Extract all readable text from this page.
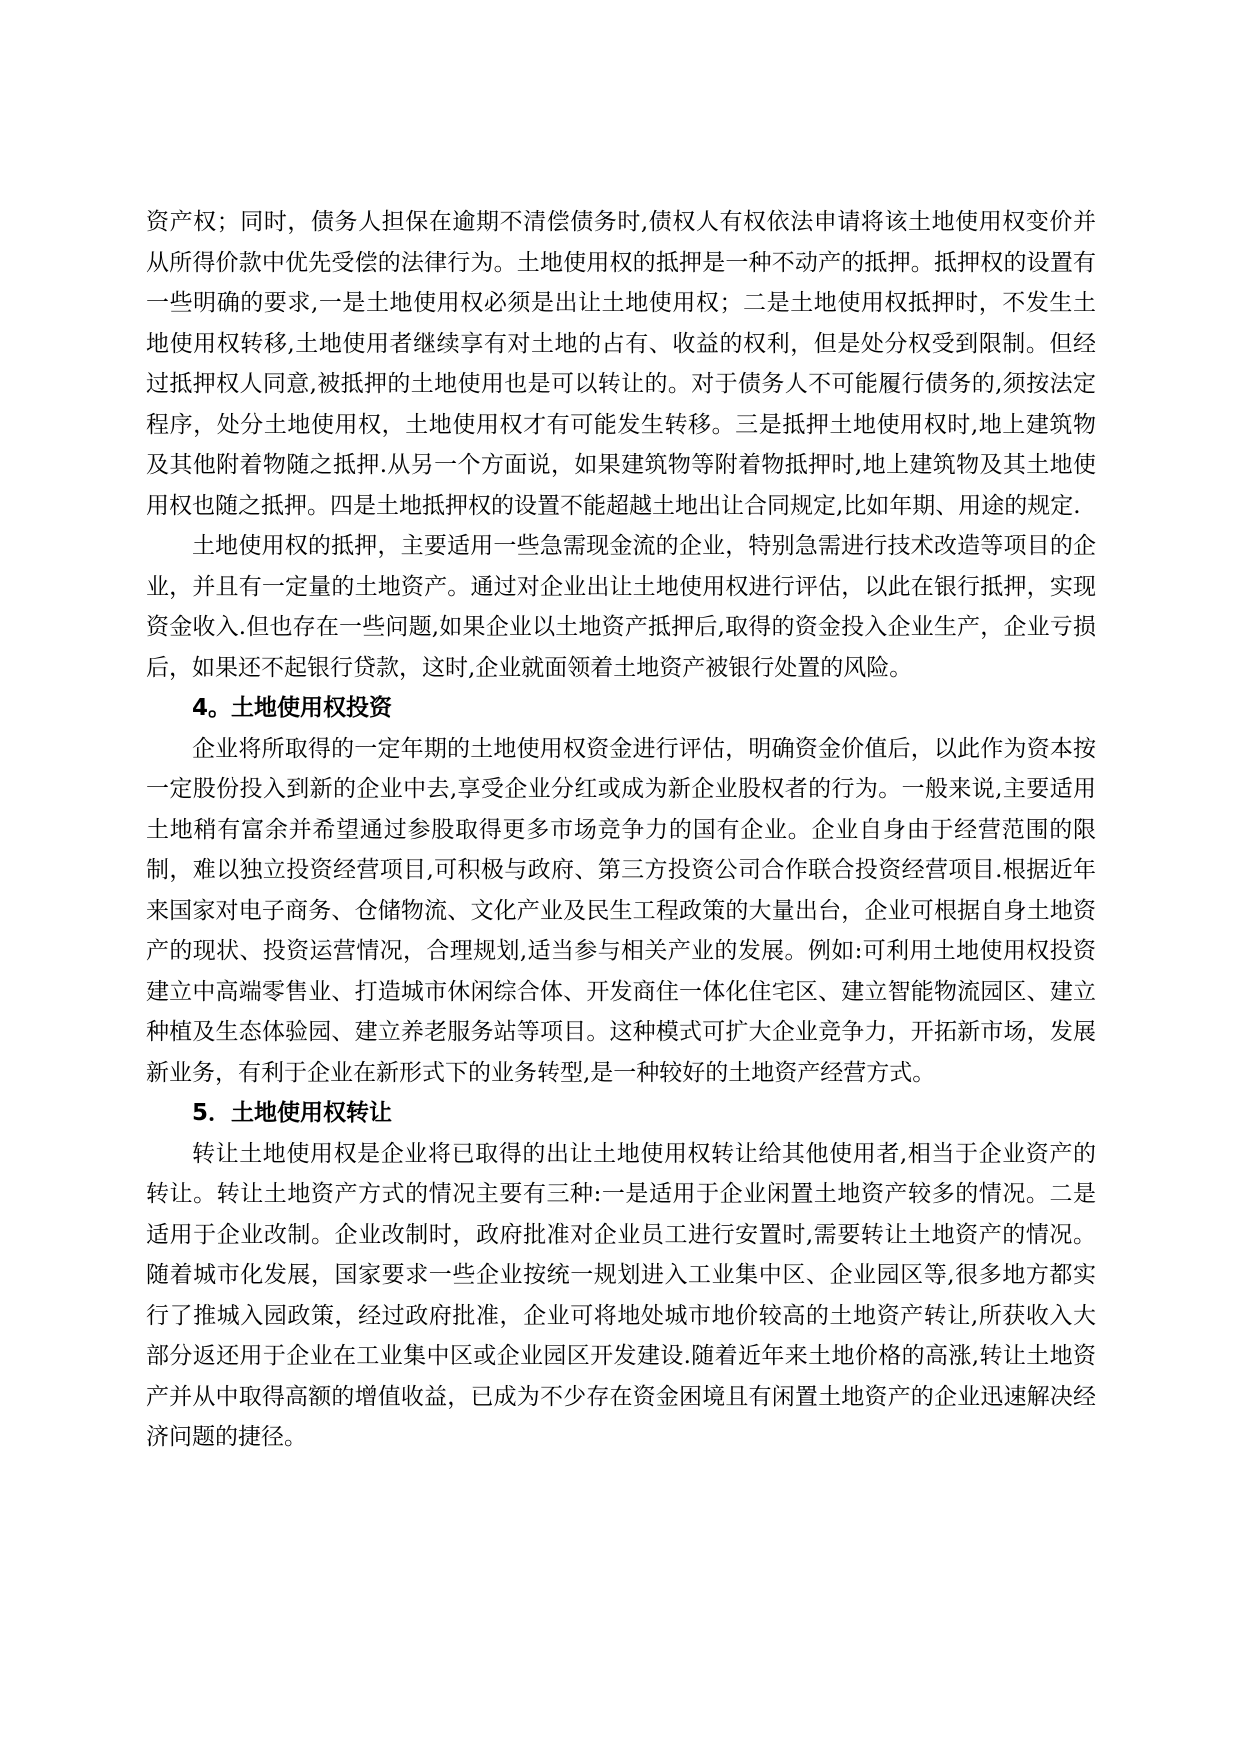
资产权；同时，债务人担保在逾期不清偿债务时,债权人有权依法申请将该土地使用权变价并从所得价款中优先受偿的法律行为。土地使用权的抵押是一种不动产的抵押。抵押权的设置有一些明确的要求,一是土地使用权必须是出让土地使用权；二是土地使用权抵押时，不发生土地使用权转移,土地使用者继续享有对土地的占有、收益的权利，但是处分权受到限制。但经过抵押权人同意,被抵押的土地使用也是可以转让的。对于债务人不可能履行债务的,须按法定程序，处分土地使用权，土地使用权才有可能发生转移。三是抵押土地使用权时,地上建筑物及其他附着物随之抵押.从另一个方面说，如果建筑物等附着物抵押时,地上建筑物及其土地使用权也随之抵押。四是土地抵押权的设置不能超越土地出让合同规定,比如年期、用途的规定.

土地使用权的抵押，主要适用一些急需现金流的企业，特别急需进行技术改造等项目的企业，并且有一定量的土地资产。通过对企业出让土地使用权进行评估，以此在银行抵押，实现资金收入.但也存在一些问题,如果企业以土地资产抵押后,取得的资金投入企业生产，企业亏损后，如果还不起银行贷款，这时,企业就面领着土地资产被银行处置的风险。

4。土地使用权投资

企业将所取得的一定年期的土地使用权资金进行评估，明确资金价值后，以此作为资本按一定股份投入到新的企业中去,享受企业分红或成为新企业股权者的行为。一般来说,主要适用土地稍有富余并希望通过参股取得更多市场竞争力的国有企业。企业自身由于经营范围的限制，难以独立投资经营项目,可积极与政府、第三方投资公司合作联合投资经营项目.根据近年来国家对电子商务、仓储物流、文化产业及民生工程政策的大量出台，企业可根据自身土地资产的现状、投资运营情况，合理规划,适当参与相关产业的发展。例如:可利用土地使用权投资建立中高端零售业、打造城市休闲综合体、开发商住一体化住宅区、建立智能物流园区、建立种植及生态体验园、建立养老服务站等项目。这种模式可扩大企业竞争力，开拓新市场，发展新业务，有利于企业在新形式下的业务转型,是一种较好的土地资产经营方式。

5．土地使用权转让

转让土地使用权是企业将已取得的出让土地使用权转让给其他使用者,相当于企业资产的转让。转让土地资产方式的情况主要有三种:一是适用于企业闲置土地资产较多的情况。二是适用于企业改制。企业改制时，政府批准对企业员工进行安置时,需要转让土地资产的情况。随着城市化发展，国家要求一些企业按统一规划进入工业集中区、企业园区等,很多地方都实行了推城入园政策，经过政府批准，企业可将地处城市地价较高的土地资产转让,所获收入大部分返还用于企业在工业集中区或企业园区开发建设.随着近年来土地价格的高涨,转让土地资产并从中取得高额的增值收益，已成为不少存在资金困境且有闲置土地资产的企业迅速解决经济问题的捷径。
